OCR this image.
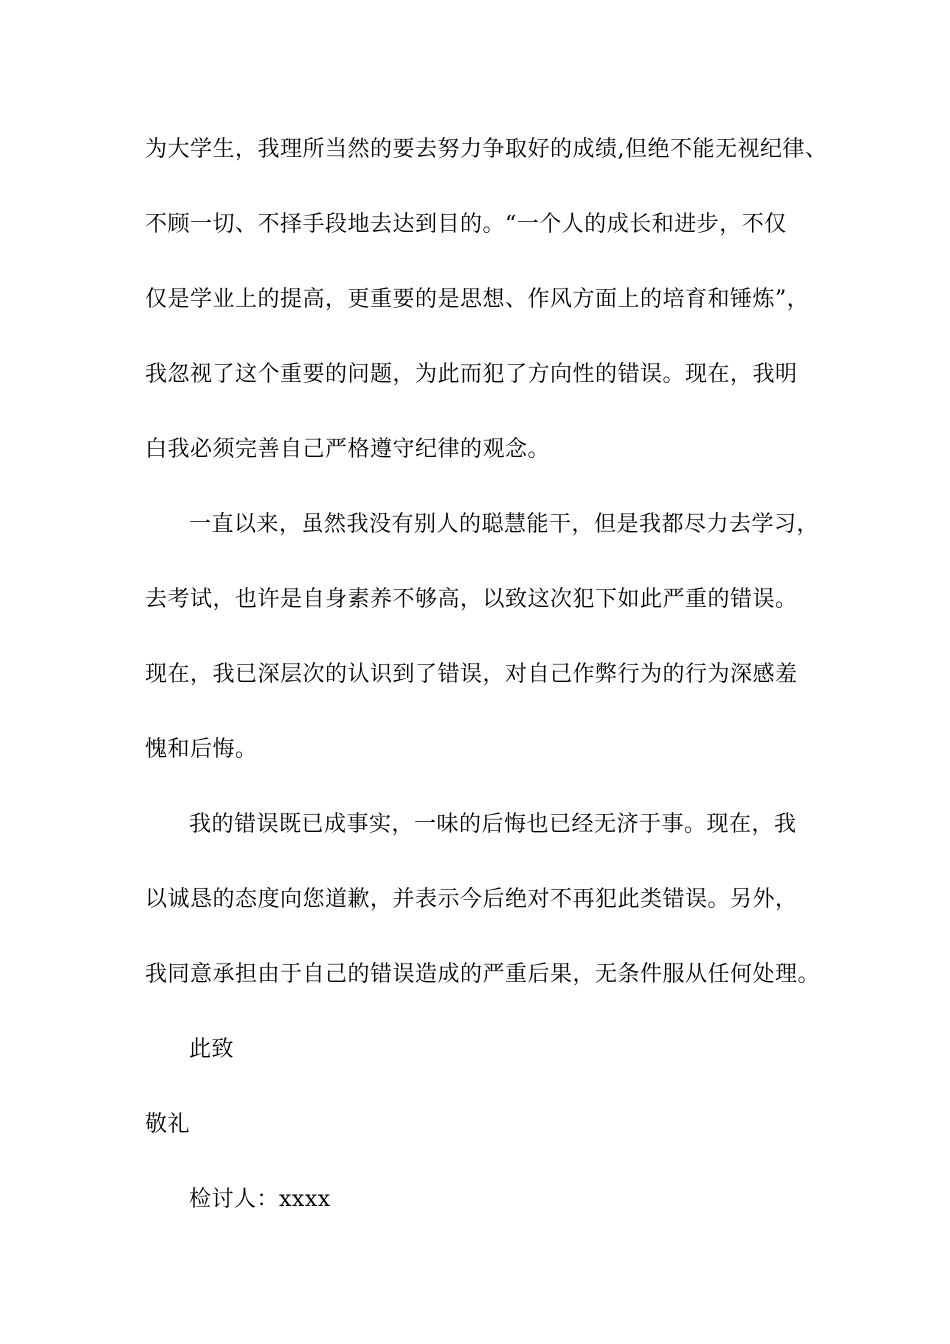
为大学生，我理所当然的要去努力争取好的成绩,但绝不能无视纪律、
不顾一切、不择手段地去达到目的。“一个人的成长和进步，不仅
仅是学业上的提高，更重要的是思想、作风方面上的培育和锤炼”，
我忽视了这个重要的问题，为此而犯了方向性的错误。现在，我明
白我必须完善自己严格遵守纪律的观念。
一直以来，虽然我没有别人的聪慧能干，但是我都尽力去学习，
去考试，也许是自身素养不够高，以致这次犯下如此严重的错误。
现在，我已深层次的认识到了错误，对自己作弊行为的行为深感羞
愧和后悔。
我的错误既已成事实，一味的后悔也已经无济于事。现在，我
以诚恳的态度向您道歉，并表示今后绝对不再犯此类错误。另外，
我同意承担由于自己的错误造成的严重后果，无条件服从任何处理。
此致
敬礼
检讨人：xxxx
